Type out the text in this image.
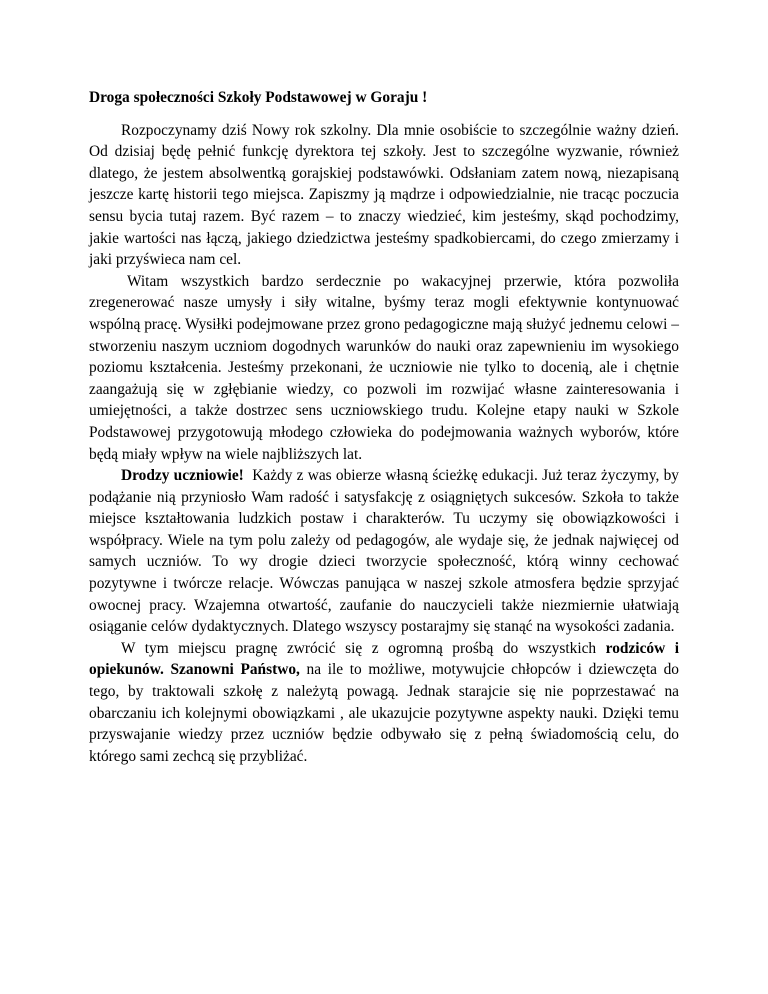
Droga społeczności Szkoły Podstawowej w Goraju !

Rozpoczynamy dziś Nowy rok szkolny. Dla mnie osobiście to szczególnie ważny dzień. Od dzisiaj będę pełnić funkcję dyrektora tej szkoły. Jest to szczególne wyzwanie, również dlatego, że jestem absolwentką gorajskiej podstawówki. Odsłaniam zatem nową, niezapisaną jeszcze kartę historii tego miejsca. Zapiszmy ją mądrze i odpowiedzialnie, nie tracąc poczucia sensu bycia tutaj razem. Być razem – to znaczy wiedzieć, kim jesteśmy, skąd pochodzimy, jakie wartości nas łączą, jakiego dziedzictwa jesteśmy spadkobiercami, do czego zmierzamy i jaki przyświeca nam cel.

Witam wszystkich bardzo serdecznie po wakacyjnej przerwie, która pozwoliła zregenerować nasze umysły i siły witalne, byśmy teraz mogli efektywnie kontynuować wspólną pracę. Wysiłki podejmowane przez grono pedagogiczne mają służyć jednemu celowi – stworzeniu naszym uczniom dogodnych warunków do nauki oraz zapewnieniu im wysokiego poziomu kształcenia. Jesteśmy przekonani, że uczniowie nie tylko to docenią, ale i chętnie zaangażują się w zgłębianie wiedzy, co pozwoli im rozwijać własne zainteresowania i umiejętności, a także dostrzec sens uczniowskiego trudu. Kolejne etapy nauki w Szkole Podstawowej przygotowują młodego człowieka do podejmowania ważnych wyborów, które będą miały wpływ na wiele najbliższych lat.

Drodzy uczniowie! Każdy z was obierze własną ścieżkę edukacji. Już teraz życzymy, by podążanie nią przyniosło Wam radość i satysfakcję z osiągniętych sukcesów. Szkoła to także miejsce kształtowania ludzkich postaw i charakterów. Tu uczymy się obowiązkowości i współpracy. Wiele na tym polu zależy od pedagogów, ale wydaje się, że jednak najwięcej od samych uczniów. To wy drogie dzieci tworzycie społeczność, którą winny cechować pozytywne i twórcze relacje. Wówczas panująca w naszej szkole atmosfera będzie sprzyjać owocnej pracy. Wzajemna otwartość, zaufanie do nauczycieli także niezmiernie ułatwiają osiąganie celów dydaktycznych. Dlatego wszyscy postarajmy się stanąć na wysokości zadania.

W tym miejscu pragnę zwrócić się z ogromną prośbą do wszystkich rodziców i opiekunów. Szanowni Państwo, na ile to możliwe, motywujcie chłopców i dziewczęta do tego, by traktowali szkołę z należytą powagą. Jednak starajcie się nie poprzestawać na obarczaniu ich kolejnymi obowiązkami , ale ukazujcie pozytywne aspekty nauki. Dzięki temu przyswajanie wiedzy przez uczniów będzie odbywało się z pełną świadomością celu, do którego sami zechcą się przybliżać.
